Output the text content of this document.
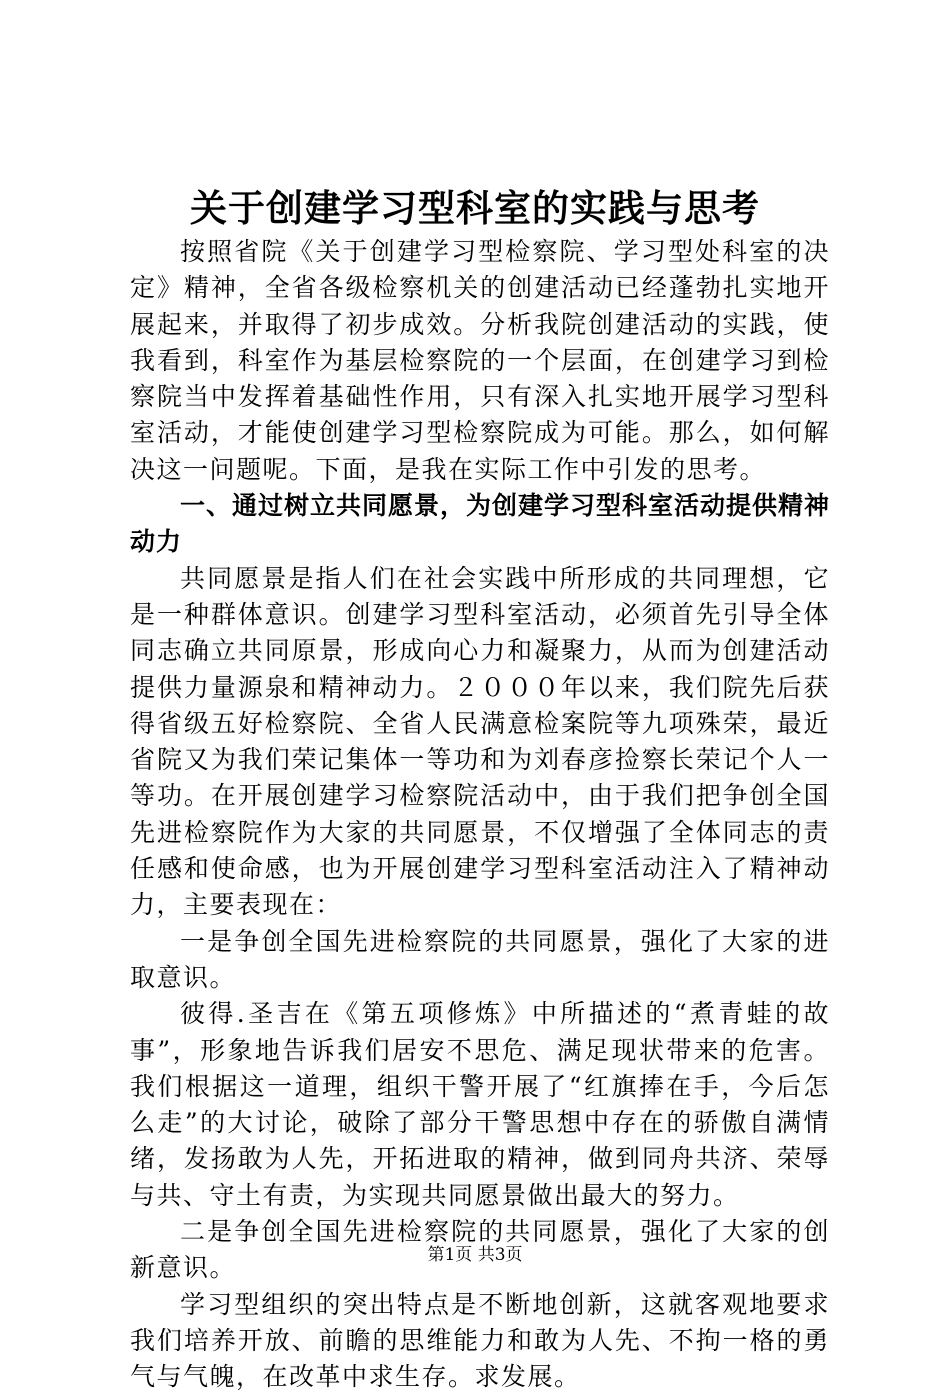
关于创建学习型科室的实践与思考

按照省院《关于创建学习型检察院、学习型处科室的决定》精神，全省各级检察机关的创建活动已经蓬勃扎实地开展起来，并取得了初步成效。分析我院创建活动的实践，使我看到，科室作为基层检察院的一个层面，在创建学习到检察院当中发挥着基础性作用，只有深入扎实地开展学习型科室活动，才能使创建学习型检察院成为可能。那么，如何解决这一问题呢。下面，是我在实际工作中引发的思考。

一、通过树立共同愿景，为创建学习型科室活动提供精神动力

共同愿景是指人们在社会实践中所形成的共同理想，它是一种群体意识。创建学习型科室活动，必须首先引导全体同志确立共同原景，形成向心力和凝聚力，从而为创建活动提供力量源泉和精神动力。２０００年以来，我们院先后获得省级五好检察院、全省人民满意检案院等九项殊荣，最近省院又为我们荣记集体一等功和为刘春彦捡察长荣记个人一等功。在开展创建学习检察院活动中，由于我们把争创全国先进检察院作为大家的共同愿景，不仅增强了全体同志的责任感和使命感，也为开展创建学习型科室活动注入了精神动力，主要表现在：

一是争创全国先进检察院的共同愿景，强化了大家的进取意识。

彼得.圣吉在《第五项修炼》中所描述的“煮青蛙的故事”，形象地告诉我们居安不思危、满足现状带来的危害。我们根据这一道理，组织干警开展了“红旗捧在手，今后怎么走”的大讨论，破除了部分干警思想中存在的骄傲自满情绪，发扬敢为人先，开拓进取的精神，做到同舟共济、荣辱与共、守土有责，为实现共同愿景做出最大的努力。

二是争创全国先进检察院的共同愿景，强化了大家的创新意识。

学习型组织的突出特点是不断地创新，这就客观地要求我们培养开放、前瞻的思维能力和敢为人先、不拘一格的勇气与气魄，在改革中求生存。求发展。

第1页 共3页
